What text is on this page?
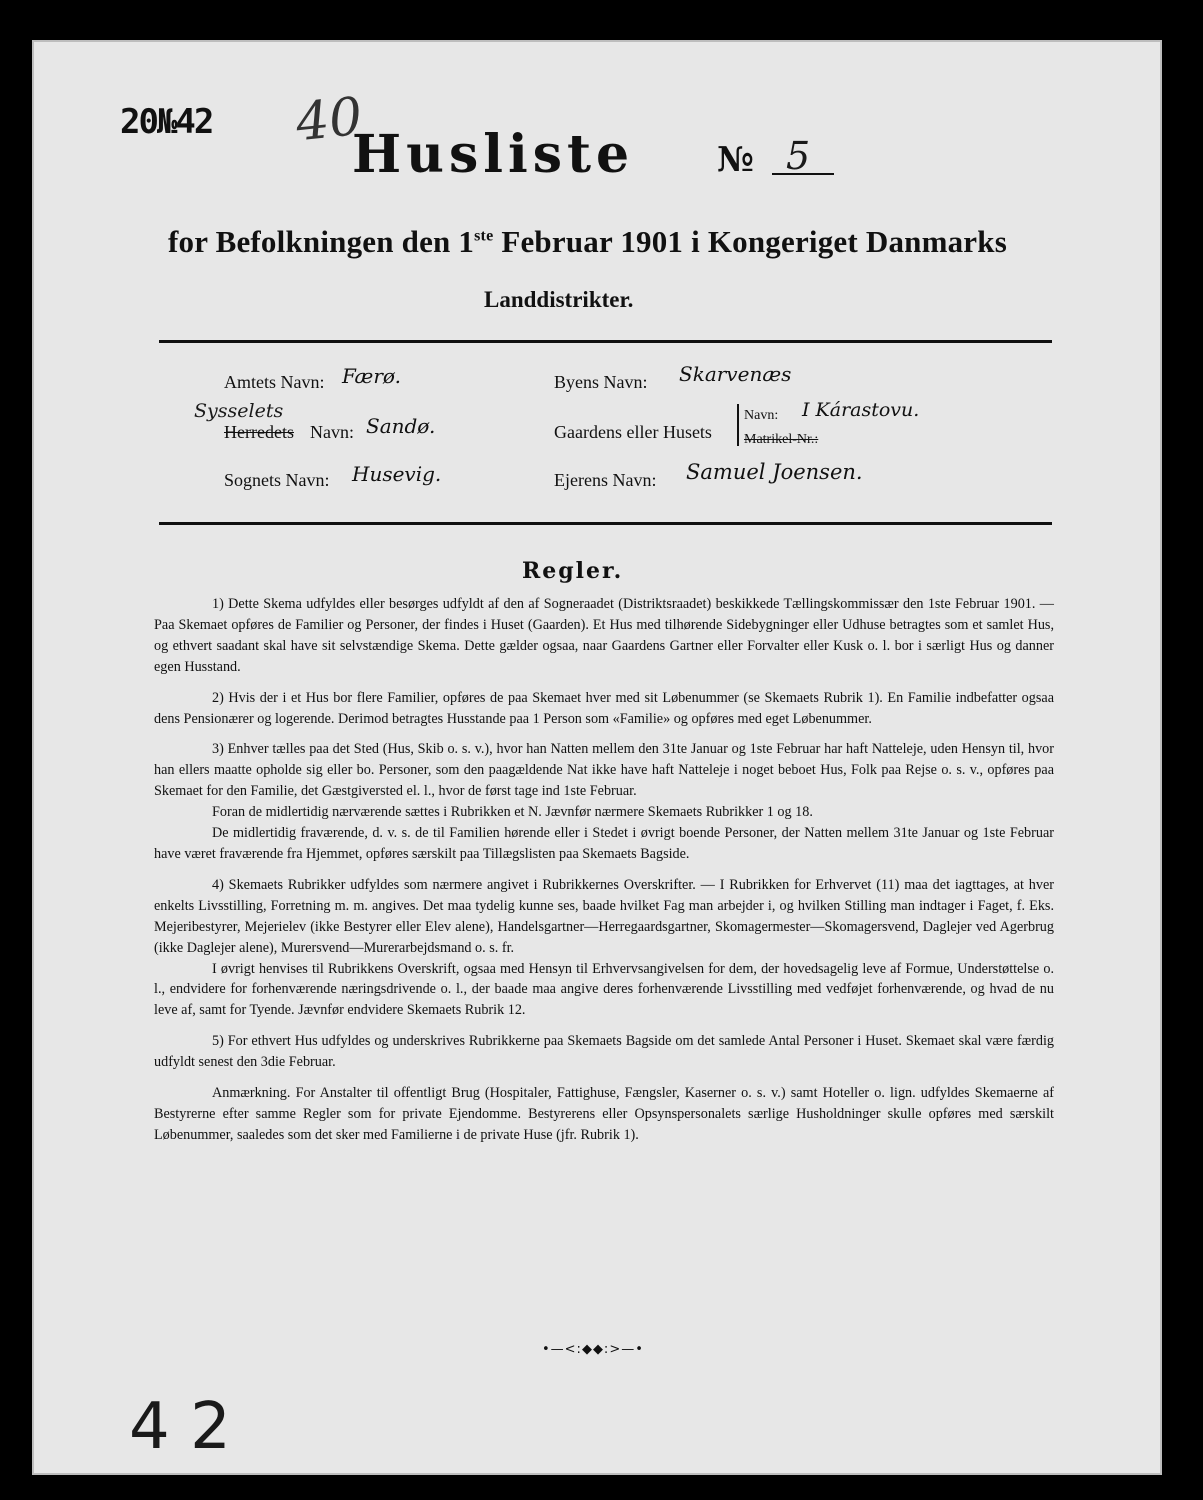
20№42 40
Husliste № 5
for Befolkningen den 1ste Februar 1901 i Kongeriget Danmarks
Landdistrikter.
Amtets Navn: Færø.
Sysselets
Herredets Navn: Sandø.
Sognets Navn: Husevig.
Byens Navn: Skarvenæs
Gaardens eller Husets
Navn: I Kárastovu.
Matrikel-Nr.:
Ejerens Navn: Samuel Joensen.
Regler.

1) Dette Skema udfyldes eller besørges udfyldt af den af Sogneraadet (Distriktsraadet) beskikkede Tællingskommissær den 1ste Februar 1901. — Paa Skemaet opføres de Familier og Personer, der findes i Huset (Gaarden). Et Hus med tilhørende Sidebygninger eller Udhuse betragtes som et samlet Hus, og ethvert saadant skal have sit selvstændige Skema. Dette gælder ogsaa, naar Gaardens Gartner eller Forvalter eller Kusk o. l. bor i særligt Hus og danner egen Husstand.

2) Hvis der i et Hus bor flere Familier, opføres de paa Skemaet hver med sit Løbenummer (se Skemaets Rubrik 1). En Familie indbefatter ogsaa dens Pensionærer og logerende. Derimod betragtes Husstande paa 1 Person som «Familie» og opføres med eget Løbenummer.

3) Enhver tælles paa det Sted (Hus, Skib o. s. v.), hvor han Natten mellem den 31te Januar og 1ste Februar har haft Natteleje, uden Hensyn til, hvor han ellers maatte opholde sig eller bo. Personer, som den paagældende Nat ikke have haft Natteleje i noget beboet Hus, Folk paa Rejse o. s. v., opføres paa Skemaet for den Familie, det Gæstgiversted el. l., hvor de først tage ind 1ste Februar.

Foran de midlertidig nærværende sættes i Rubrikken et N. Jævnfør nærmere Skemaets Rubrikker 1 og 18.

De midlertidig fraværende, d. v. s. de til Familien hørende eller i Stedet i øvrigt boende Personer, der Natten mellem 31te Januar og 1ste Februar have været fraværende fra Hjemmet, opføres særskilt paa Tillægslisten paa Skemaets Bagside.

4) Skemaets Rubrikker udfyldes som nærmere angivet i Rubrikkernes Overskrifter. — I Rubrikken for Erhvervet (11) maa det iagttages, at hver enkelts Livsstilling, Forretning m. m. angives. Det maa tydelig kunne ses, baade hvilket Fag man arbejder i, og hvilken Stilling man indtager i Faget, f. Eks. Mejeribestyrer, Mejerielev (ikke Bestyrer eller Elev alene), Handelsgartner—Herregaardsgartner, Skomagermester—Skomagersvend, Daglejer ved Agerbrug (ikke Daglejer alene), Murersvend—Murerarbejdsmand o. s. fr.

I øvrigt henvises til Rubrikkens Overskrift, ogsaa med Hensyn til Erhvervsangivelsen for dem, der hovedsagelig leve af Formue, Understøttelse o. l., endvidere for forhenværende næringsdrivende o. l., der baade maa angive deres forhenværende Livsstilling med vedføjet forhenværende, og hvad de nu leve af, samt for Tyende. Jævnfør endvidere Skemaets Rubrik 12.

5) For ethvert Hus udfyldes og underskrives Rubrikkerne paa Skemaets Bagside om det samlede Antal Personer i Huset. Skemaet skal være færdig udfyldt senest den 3die Februar.

Anmærkning. For Anstalter til offentligt Brug (Hospitaler, Fattighuse, Fængsler, Kaserner o. s. v.) samt Hoteller o. lign. udfyldes Skemaerne af Bestyrerne efter samme Regler som for private Ejendomme. Bestyrerens eller Opsynspersonalets særlige Husholdninger skulle opføres med særskilt Løbenummer, saaledes som det sker med Familierne i de private Huse (jfr. Rubrik 1).

•—<:◆◆:>—•
4 2
